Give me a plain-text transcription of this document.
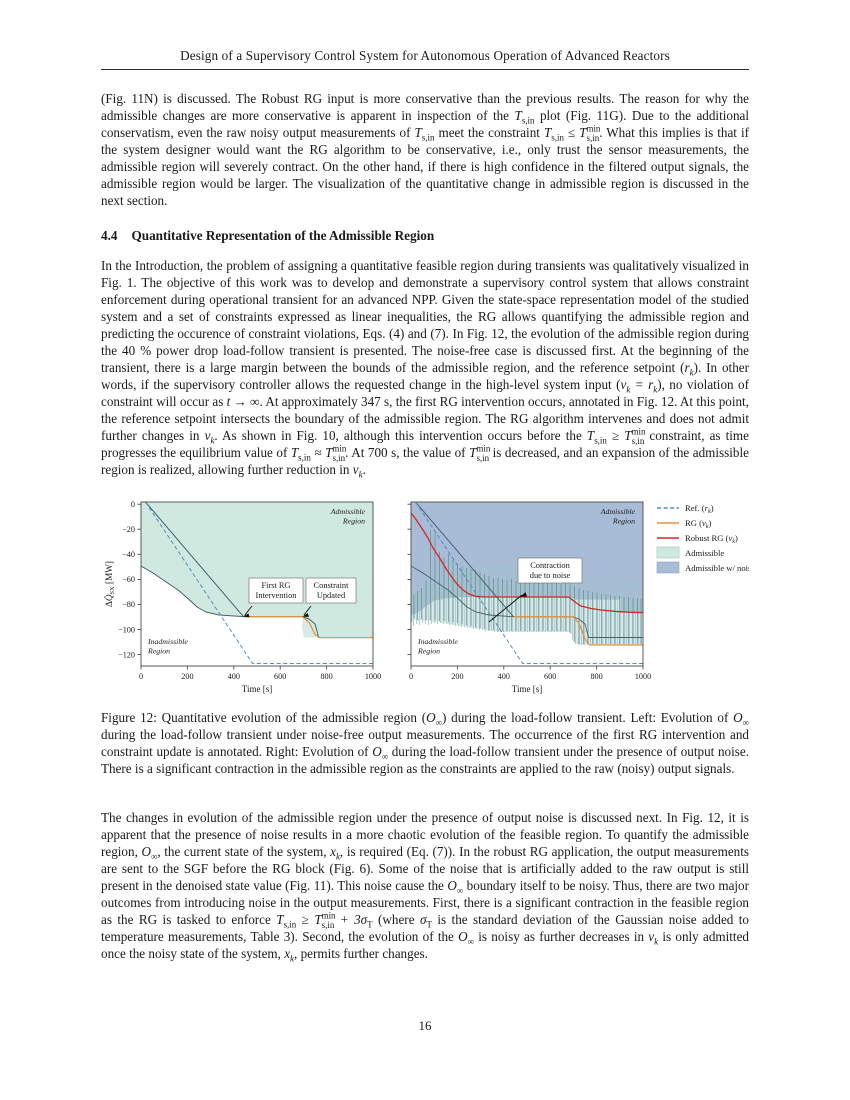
Design of a Supervisory Control System for Autonomous Operation of Advanced Reactors

(Fig. 11N) is discussed. The Robust RG input is more conservative than the previous results. The reason for why the admissible changes are more conservative is apparent in inspection of the $T_{s,in}$ plot (Fig. 11G). Due to the additional conservatism, even the raw noisy output measurements of $T_{s,in}$ meet the constraint $T_{s,in} \le T^{min}_{s,in}$. What this implies is that if the system designer would want the RG algorithm to be conservative, i.e., only trust the sensor measurements, the admissible region will severely contract. On the other hand, if there is high confidence in the filtered output signals, the admissible region would be larger. The visualization of the quantitative change in admissible region is discussed in the next section.

4.4 Quantitative Representation of the Admissible Region

In the Introduction, the problem of assigning a quantitative feasible region during transients was qualitatively visualized in Fig. 1. The objective of this work was to develop and demonstrate a supervisory control system that allows constraint enforcement during operational transient for an advanced NPP. Given the state-space representation model of the studied system and a set of constraints expressed as linear inequalities, the RG allows quantifying the admissible region and predicting the occurence of constraint violations, Eqs. (4) and (7). In Fig. 12, the evolution of the admissible region during the 40 % power drop load-follow transient is presented. The noise-free case is discussed first. At the beginning of the transient, there is a large margin between the bounds of the admissible region, and the reference setpoint $(r_k)$. In other words, if the supervisory controller allows the requested change in the high-level system input $(v_k = r_k)$, no violation of constraint will occur as t → ∞. At approximately 347 s, the first RG intervention occurs, annotated in Fig. 12. At this point, the reference setpoint intersects the boundary of the admissible region. The RG algorithm intervenes and does not admit further changes in $v_k$. As shown in Fig. 10, although this intervention occurs before the $T_{s,in} \ge T^{min}_{s,in}$ constraint, as time progresses the equilibrium value of $T_{s,in} \approx T^{min}_{s,in}$. At 700 s, the value of $T^{min}_{s,in}$ is decreased, and an expansion of the admissible region is realized, allowing further reduction in $v_k$.

0	200	400	600	800	1000
Time [s]
0
−20
−40
−60
−80
−100
−120
$\Delta Q̇_{SX}$ [MW]
Admissible
Region
Inadmissible
Region
First RG
Intervention
Constraint
Updated
0	200	400	600	800	1000
Time [s]
Admissible
Region
Inadmissible
Region
Contraction
due to noise
Ref. (rk)
RG (vk)
Robust RG (vk)
Admissible
Admissible w/ noise

Figure 12: Quantitative evolution of the admissible region $(O_\infty)$ during the load-follow transient. Left: Evolution of $O_\infty$ during the load-follow transient under noise-free output measurements. The occurrence of the first RG intervention and constraint update is annotated. Right: Evolution of $O_\infty$ during the load-follow transient under the presence of output noise. There is a significant contraction in the admissible region as the constraints are applied to the raw (noisy) output signals.

The changes in evolution of the admissible region under the presence of output noise is discussed next. In Fig. 12, it is apparent that the presence of noise results in a more chaotic evolution of the feasible region. To quantify the admissible region, $O_\infty$, the current state of the system, $x_k$, is required (Eq. (7)). In the robust RG application, the output measurements are sent to the SGF before the RG block (Fig. 6). Some of the noise that is artificially added to the raw output is still present in the denoised state value (Fig. 11). This noise cause the $O_\infty$ boundary itself to be noisy. Thus, there are two major outcomes from introducing noise in the output measurements. First, there is a significant contraction in the feasible region as the RG is tasked to enforce $T_{s,in} \ge T^{min}_{s,in} + 3\sigma_T$ (where $\sigma_T$ is the standard deviation of the Gaussian noise added to temperature measurements, Table 3). Second, the evolution of the $O_\infty$ is noisy as further decreases in $v_k$ is only admitted once the noisy state of the system, $x_k$, permits further changes.

16
